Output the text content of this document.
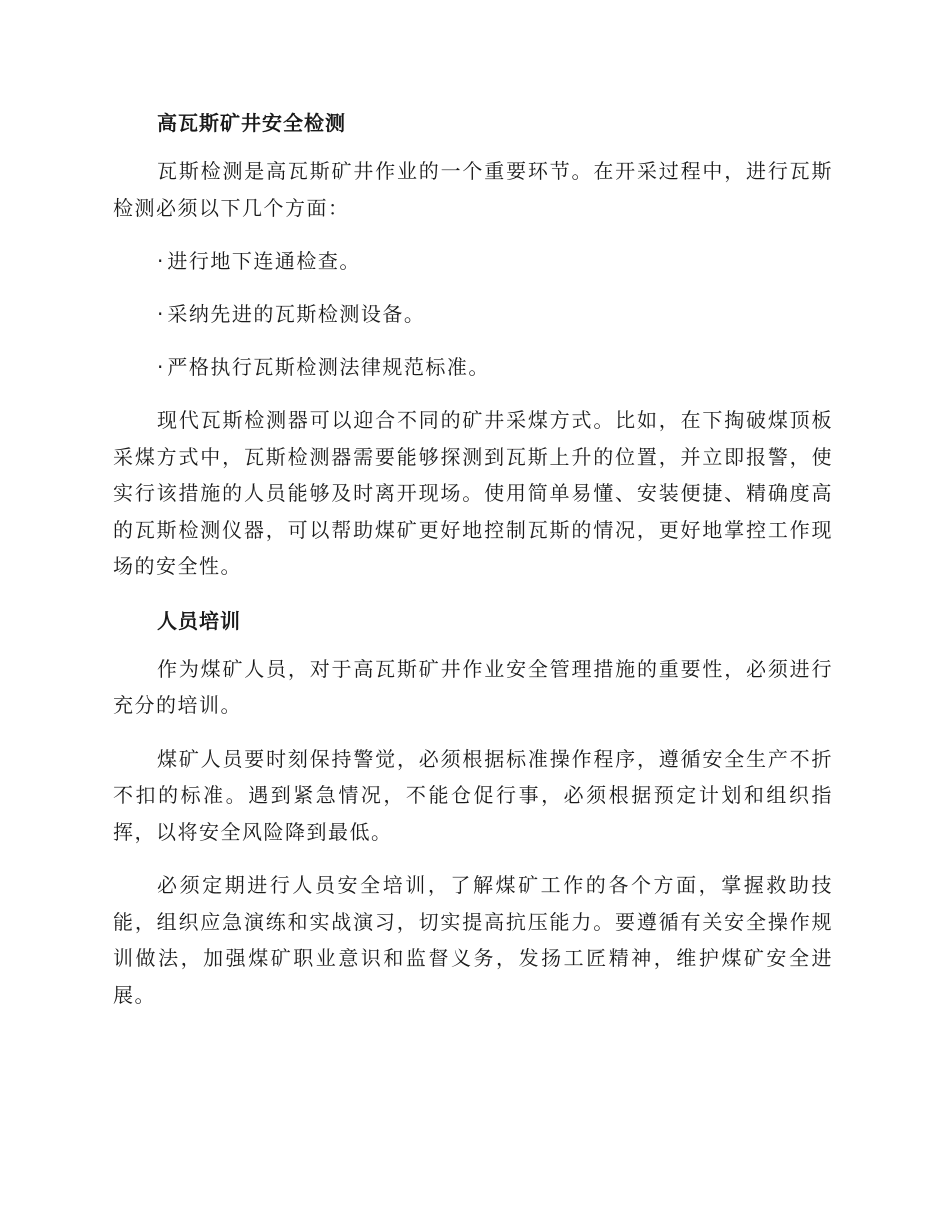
高瓦斯矿井安全检测

瓦斯检测是高瓦斯矿井作业的一个重要环节。在开采过程中，进行瓦斯检测必须以下几个方面：

· 进行地下连通检查。
· 采纳先进的瓦斯检测设备。
· 严格执行瓦斯检测法律规范标准。

现代瓦斯检测器可以迎合不同的矿井采煤方式。比如，在下掏破煤顶板采煤方式中，瓦斯检测器需要能够探测到瓦斯上升的位置，并立即报警，使实行该措施的人员能够及时离开现场。使用简单易懂、安装便捷、精确度高的瓦斯检测仪器，可以帮助煤矿更好地控制瓦斯的情况，更好地掌控工作现场的安全性。

人员培训

作为煤矿人员，对于高瓦斯矿井作业安全管理措施的重要性，必须进行充分的培训。

煤矿人员要时刻保持警觉，必须根据标准操作程序，遵循安全生产不折不扣的标准。遇到紧急情况，不能仓促行事，必须根据预定计划和组织指挥，以将安全风险降到最低。

必须定期进行人员安全培训，了解煤矿工作的各个方面，掌握救助技能，组织应急演练和实战演习，切实提高抗压能力。要遵循有关安全操作规训做法，加强煤矿职业意识和监督义务，发扬工匠精神，维护煤矿安全进展。
